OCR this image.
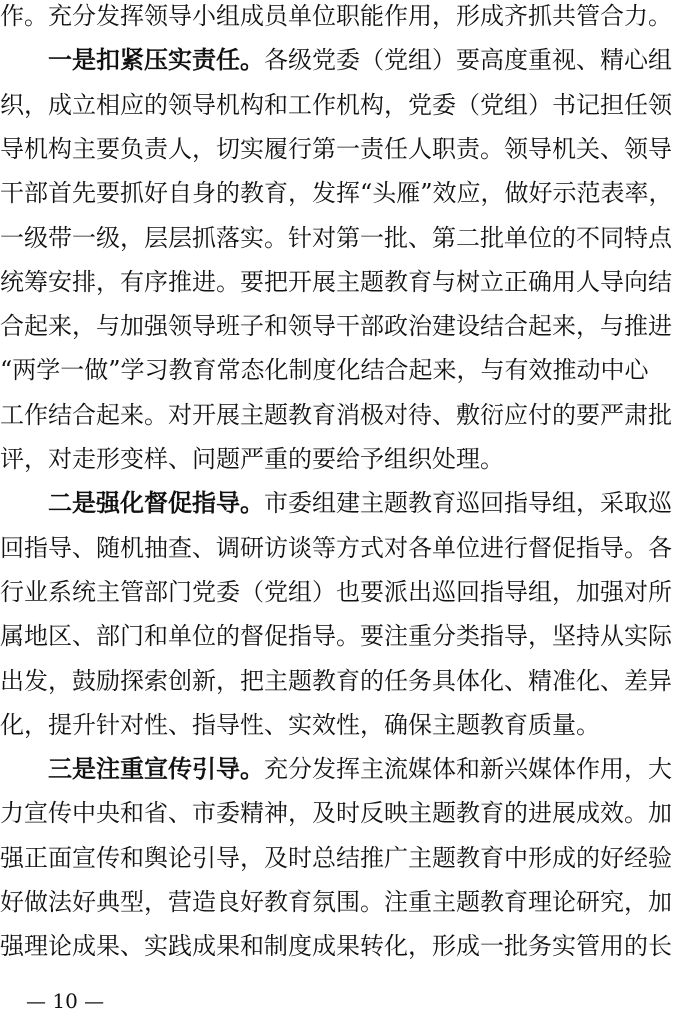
作。充分发挥领导小组成员单位职能作用，形成齐抓共管合力。
一是扣紧压实责任。各级党委（党组）要高度重视、精心组
织，成立相应的领导机构和工作机构，党委（党组）书记担任领
导机构主要负责人，切实履行第一责任人职责。领导机关、领导
干部首先要抓好自身的教育，发挥“头雁”效应，做好示范表率，
一级带一级，层层抓落实。针对第一批、第二批单位的不同特点
统筹安排，有序推进。要把开展主题教育与树立正确用人导向结
合起来，与加强领导班子和领导干部政治建设结合起来，与推进
“两学一做”学习教育常态化制度化结合起来，与有效推动中心
工作结合起来。对开展主题教育消极对待、敷衍应付的要严肃批
评，对走形变样、问题严重的要给予组织处理。
二是强化督促指导。市委组建主题教育巡回指导组，采取巡
回指导、随机抽查、调研访谈等方式对各单位进行督促指导。各
行业系统主管部门党委（党组）也要派出巡回指导组，加强对所
属地区、部门和单位的督促指导。要注重分类指导，坚持从实际
出发，鼓励探索创新，把主题教育的任务具体化、精准化、差异
化，提升针对性、指导性、实效性，确保主题教育质量。
三是注重宣传引导。充分发挥主流媒体和新兴媒体作用，大
力宣传中央和省、市委精神，及时反映主题教育的进展成效。加
强正面宣传和舆论引导，及时总结推广主题教育中形成的好经验
好做法好典型，营造良好教育氛围。注重主题教育理论研究，加
强理论成果、实践成果和制度成果转化，形成一批务实管用的长
— 10 —
